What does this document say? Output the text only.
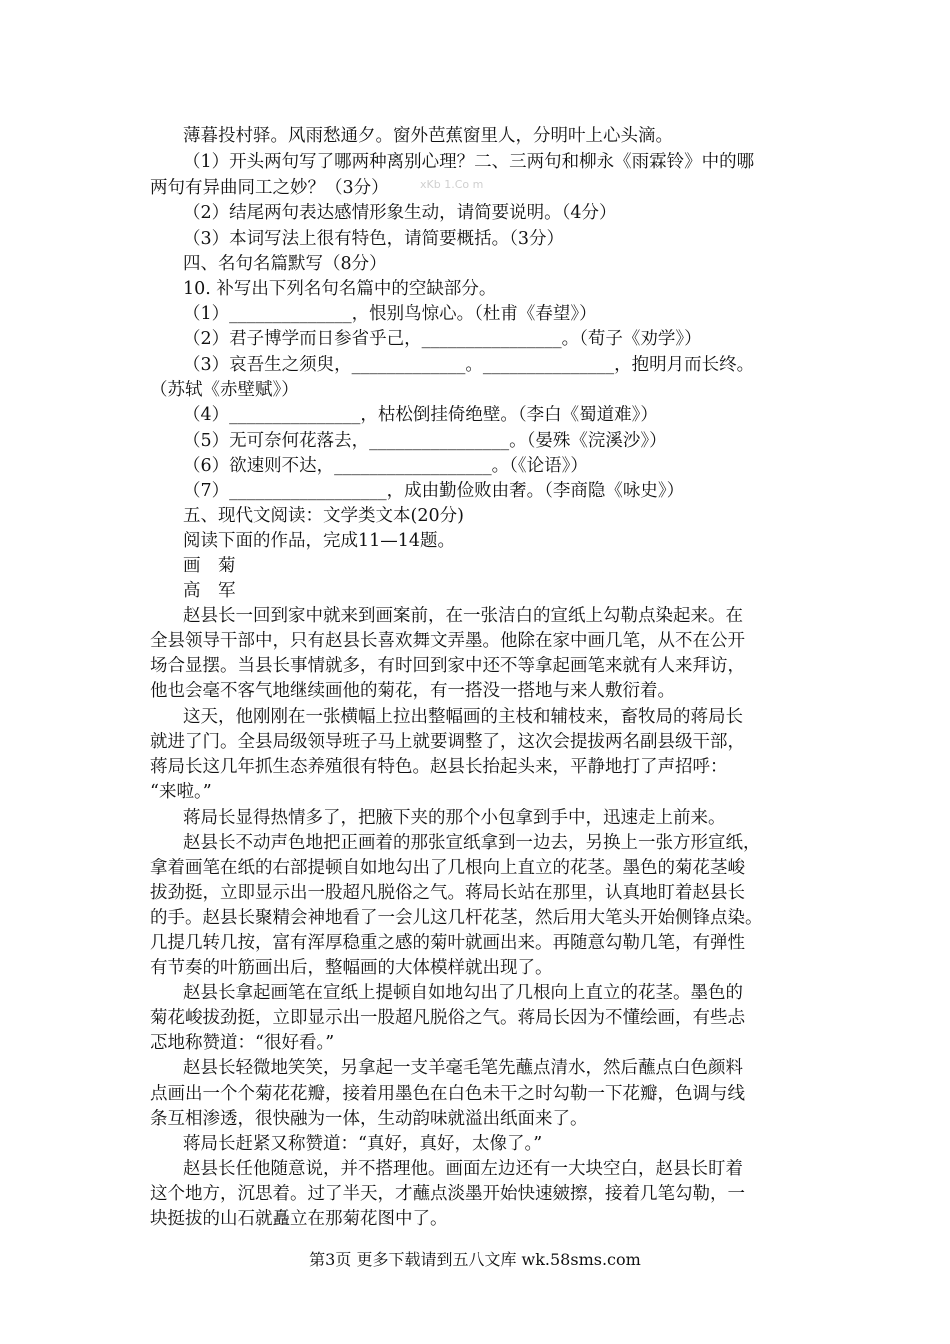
薄暮投村驿。风雨愁通夕。窗外芭蕉窗里人，分明叶上心头滴。
（1）开头两句写了哪两种离别心理？二、三两句和柳永《雨霖铃》中的哪
两句有异曲同工之妙？（3分）	xKb 1.Co m
（2）结尾两句表达感情形象生动，请简要说明。（4分）
（3）本词写法上很有特色，请简要概括。（3分）
四、名句名篇默写（8分）
10. 补写出下列名句名篇中的空缺部分。
（1）______________，恨别鸟惊心。（杜甫《春望》）
（2）君子博学而日参省乎己，________________。（荀子《劝学》）
（3）哀吾生之须臾，_____________。_______________，抱明月而长终。
（苏轼《赤壁赋》）
（4）_______________，枯松倒挂倚绝壁。（李白《蜀道难》）
（5）无可奈何花落去，________________。（晏殊《浣溪沙》）
（6）欲速则不达，__________________。（《论语》）
（7）__________________，成由勤俭败由奢。（李商隐《咏史》）
五、现代文阅读：文学类文本(20分)
阅读下面的作品，完成11—14题。
画　菊
高　军
赵县长一回到家中就来到画案前，在一张洁白的宣纸上勾勒点染起来。在
全县领导干部中，只有赵县长喜欢舞文弄墨。他除在家中画几笔，从不在公开
场合显摆。当县长事情就多，有时回到家中还不等拿起画笔来就有人来拜访，
他也会毫不客气地继续画他的菊花，有一搭没一搭地与来人敷衍着。
这天，他刚刚在一张横幅上拉出整幅画的主枝和辅枝来，畜牧局的蒋局长
就进了门。全县局级领导班子马上就要调整了，这次会提拔两名副县级干部，
蒋局长这几年抓生态养殖很有特色。赵县长抬起头来，平静地打了声招呼：
“来啦。”
蒋局长显得热情多了，把腋下夹的那个小包拿到手中，迅速走上前来。
赵县长不动声色地把正画着的那张宣纸拿到一边去，另换上一张方形宣纸，
拿着画笔在纸的右部提顿自如地勾出了几根向上直立的花茎。墨色的菊花茎峻
拔劲挺，立即显示出一股超凡脱俗之气。蒋局长站在那里，认真地盯着赵县长
的手。赵县长聚精会神地看了一会儿这几杆花茎，然后用大笔头开始侧锋点染。
几提几转几按，富有浑厚稳重之感的菊叶就画出来。再随意勾勒几笔，有弹性
有节奏的叶筋画出后，整幅画的大体模样就出现了。
赵县长拿起画笔在宣纸上提顿自如地勾出了几根向上直立的花茎。墨色的
菊花峻拔劲挺，立即显示出一股超凡脱俗之气。蒋局长因为不懂绘画，有些忐
忑地称赞道：“很好看。”
赵县长轻微地笑笑，另拿起一支羊毫毛笔先蘸点清水，然后蘸点白色颜料
点画出一个个菊花花瓣，接着用墨色在白色未干之时勾勒一下花瓣，色调与线
条互相渗透，很快融为一体，生动韵味就溢出纸面来了。
蒋局长赶紧又称赞道：“真好，真好，太像了。”
赵县长任他随意说，并不搭理他。画面左边还有一大块空白，赵县长盯着
这个地方，沉思着。过了半天，才蘸点淡墨开始快速皴擦，接着几笔勾勒，一
块挺拔的山石就矗立在那菊花图中了。
第3页 更多下载请到五八文库 wk.58sms.com
